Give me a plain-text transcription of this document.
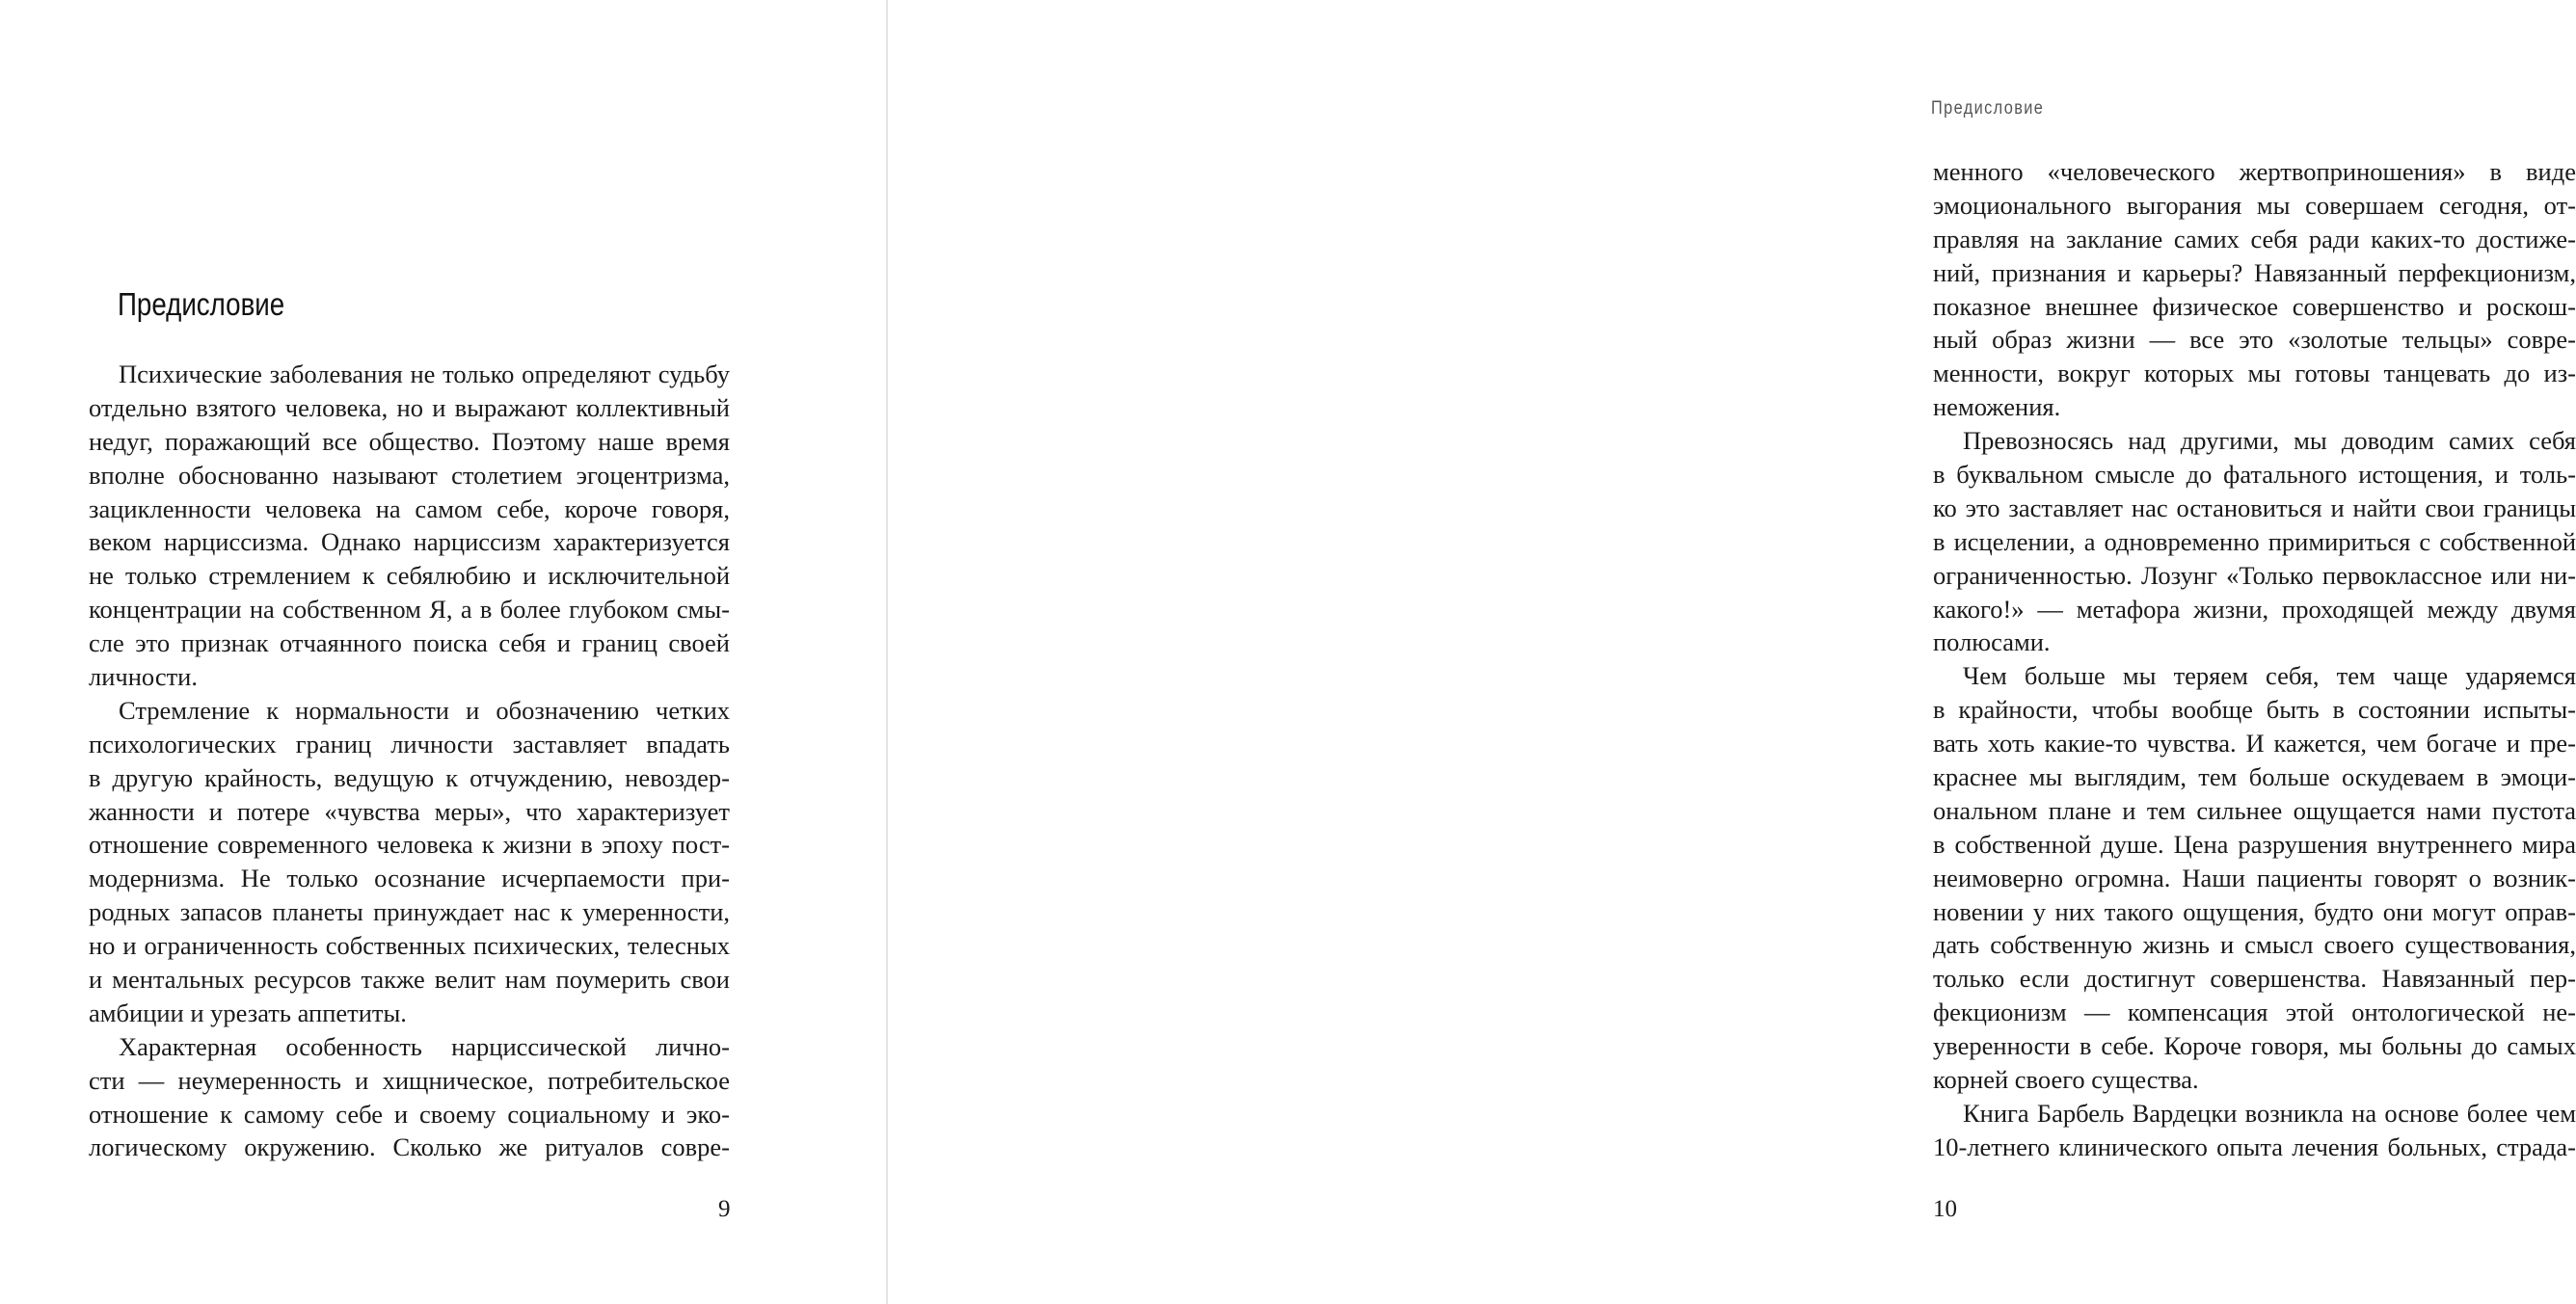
Предисловие
Психические заболевания не только определяют судьбу
отдельно взятого человека, но и выражают коллективный
недуг, поражающий все общество. Поэтому наше время
вполне обоснованно называют столетием эгоцентризма,
зацикленности человека на самом себе, короче говоря,
веком нарциссизма. Однако нарциссизм характеризуется
не только стремлением к себялюбию и исключительной
концентрации на собственном Я, а в более глубоком смы-
сле это признак отчаянного поиска себя и границ своей
личности.
Стремление к нормальности и обозначению четких
психологических границ личности заставляет впадать
в другую крайность, ведущую к отчуждению, невоздер-
жанности и потере «чувства меры», что характеризует
отношение современного человека к жизни в эпоху пост-
модернизма. Не только осознание исчерпаемости при-
родных запасов планеты принуждает нас к умеренности,
но и ограниченность собственных психических, телесных
и ментальных ресурсов также велит нам поумерить свои
амбиции и урезать аппетиты.
Характерная особенность нарциссической лично-
сти — неумеренность и хищническое, потребительское
отношение к самому себе и своему социальному и эко-
логическому окружению. Сколько же ритуалов совре-
9
Предисловие
менного «человеческого жертвоприношения» в виде
эмоционального выгорания мы совершаем сегодня, от-
правляя на заклание самих себя ради каких-то достиже-
ний, признания и карьеры? Навязанный перфекционизм,
показное внешнее физическое совершенство и роскош-
ный образ жизни — все это «золотые тельцы» совре-
менности, вокруг которых мы готовы танцевать до из-
неможения.
Превозносясь над другими, мы доводим самих себя
в буквальном смысле до фатального истощения, и толь-
ко это заставляет нас остановиться и найти свои границы
в исцелении, а одновременно примириться с собственной
ограниченностью. Лозунг «Только первоклассное или ни-
какого!» — метафора жизни, проходящей между двумя
полюсами.
Чем больше мы теряем себя, тем чаще ударяемся
в крайности, чтобы вообще быть в состоянии испыты-
вать хоть какие-то чувства. И кажется, чем богаче и пре-
краснее мы выглядим, тем больше оскудеваем в эмоци-
ональном плане и тем сильнее ощущается нами пустота
в собственной душе. Цена разрушения внутреннего мира
неимоверно огромна. Наши пациенты говорят о возник-
новении у них такого ощущения, будто они могут оправ-
дать собственную жизнь и смысл своего существования,
только если достигнут совершенства. Навязанный пер-
фекционизм — компенсация этой онтологической не-
уверенности в себе. Короче говоря, мы больны до самых
корней своего существа.
Книга Барбель Вардецки возникла на основе более чем
10-летнего клинического опыта лечения больных, страда-
10
